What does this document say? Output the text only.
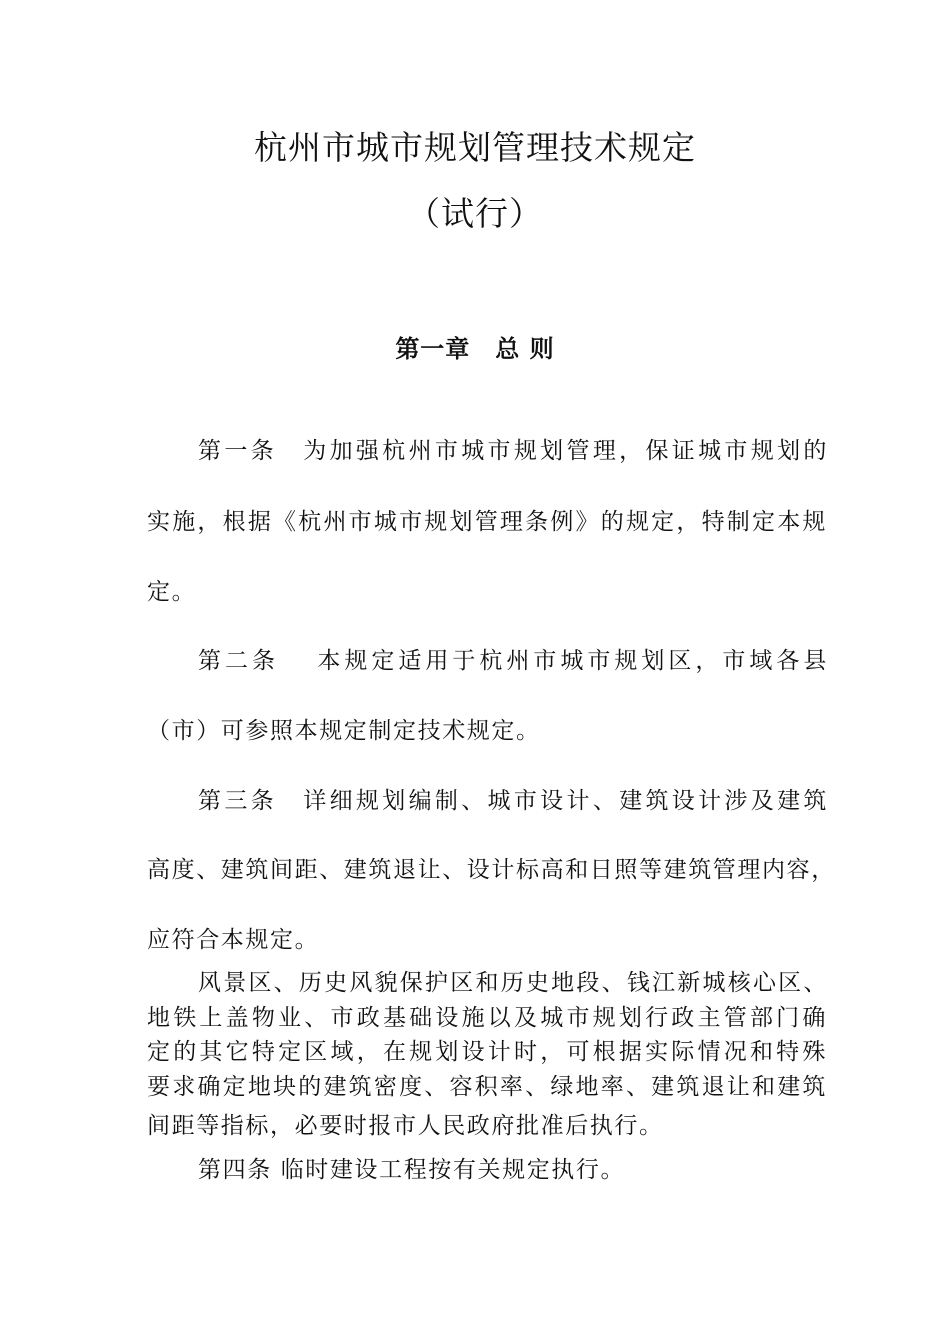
杭州市城市规划管理技术规定
（试行）
第一章　总 则
第一条　为加强杭州市城市规划管理，保证城市规划的
实施，根据《杭州市城市规划管理条例》的规定，特制定本规
定。
第二条　 本规定适用于杭州市城市规划区，市域各县
（市）可参照本规定制定技术规定。
第三条　详细规划编制、城市设计、建筑设计涉及建筑
高度、建筑间距、建筑退让、设计标高和日照等建筑管理内容，
应符合本规定。
风景区、历史风貌保护区和历史地段、钱江新城核心区、
地铁上盖物业、市政基础设施以及城市规划行政主管部门确
定的其它特定区域，在规划设计时，可根据实际情况和特殊
要求确定地块的建筑密度、容积率、绿地率、建筑退让和建筑
间距等指标，必要时报市人民政府批准后执行。
第四条 临时建设工程按有关规定执行。
